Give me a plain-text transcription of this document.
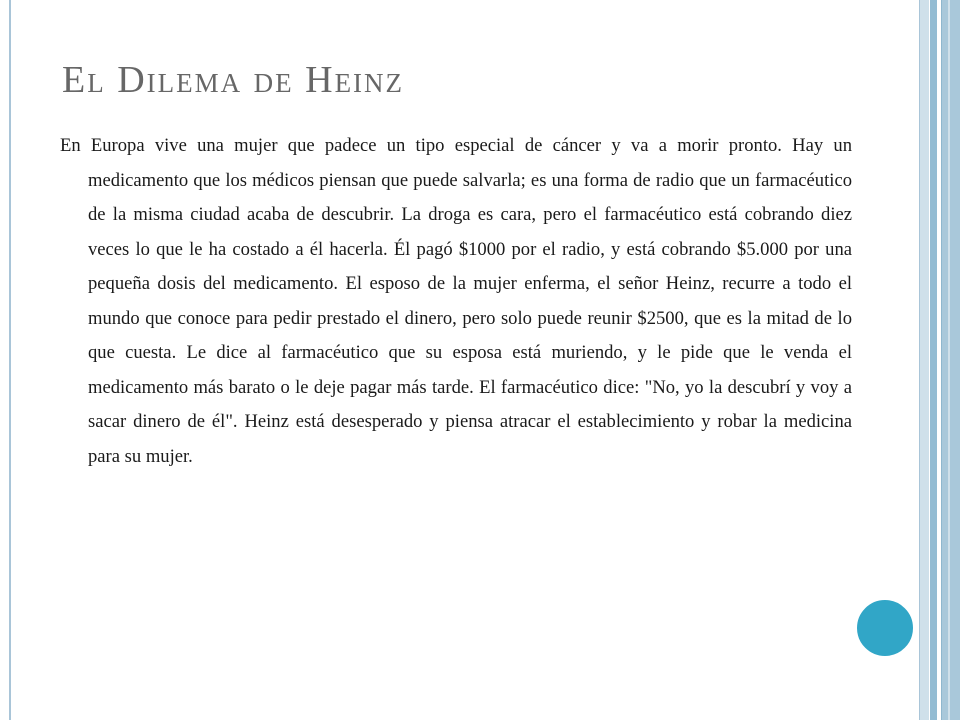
El Dilema de Heinz

En Europa vive una mujer que padece un tipo especial de cáncer y va a morir pronto. Hay un medicamento que los médicos piensan que puede salvarla; es una forma de radio que un farmacéutico de la misma ciudad acaba de descubrir. La droga es cara, pero el farmacéutico está cobrando diez veces lo que le ha costado a él hacerla. Él pagó $1000 por el radio, y está cobrando $5.000 por una pequeña dosis del medicamento. El esposo de la mujer enferma, el señor Heinz, recurre a todo el mundo que conoce para pedir prestado el dinero, pero solo puede reunir $2500, que es la mitad de lo que cuesta. Le dice al farmacéutico que su esposa está muriendo, y le pide que le venda el medicamento más barato o le deje pagar más tarde. El farmacéutico dice: "No, yo la descubrí y voy a sacar dinero de él". Heinz está desesperado y piensa atracar el establecimiento y robar la medicina para su mujer.
